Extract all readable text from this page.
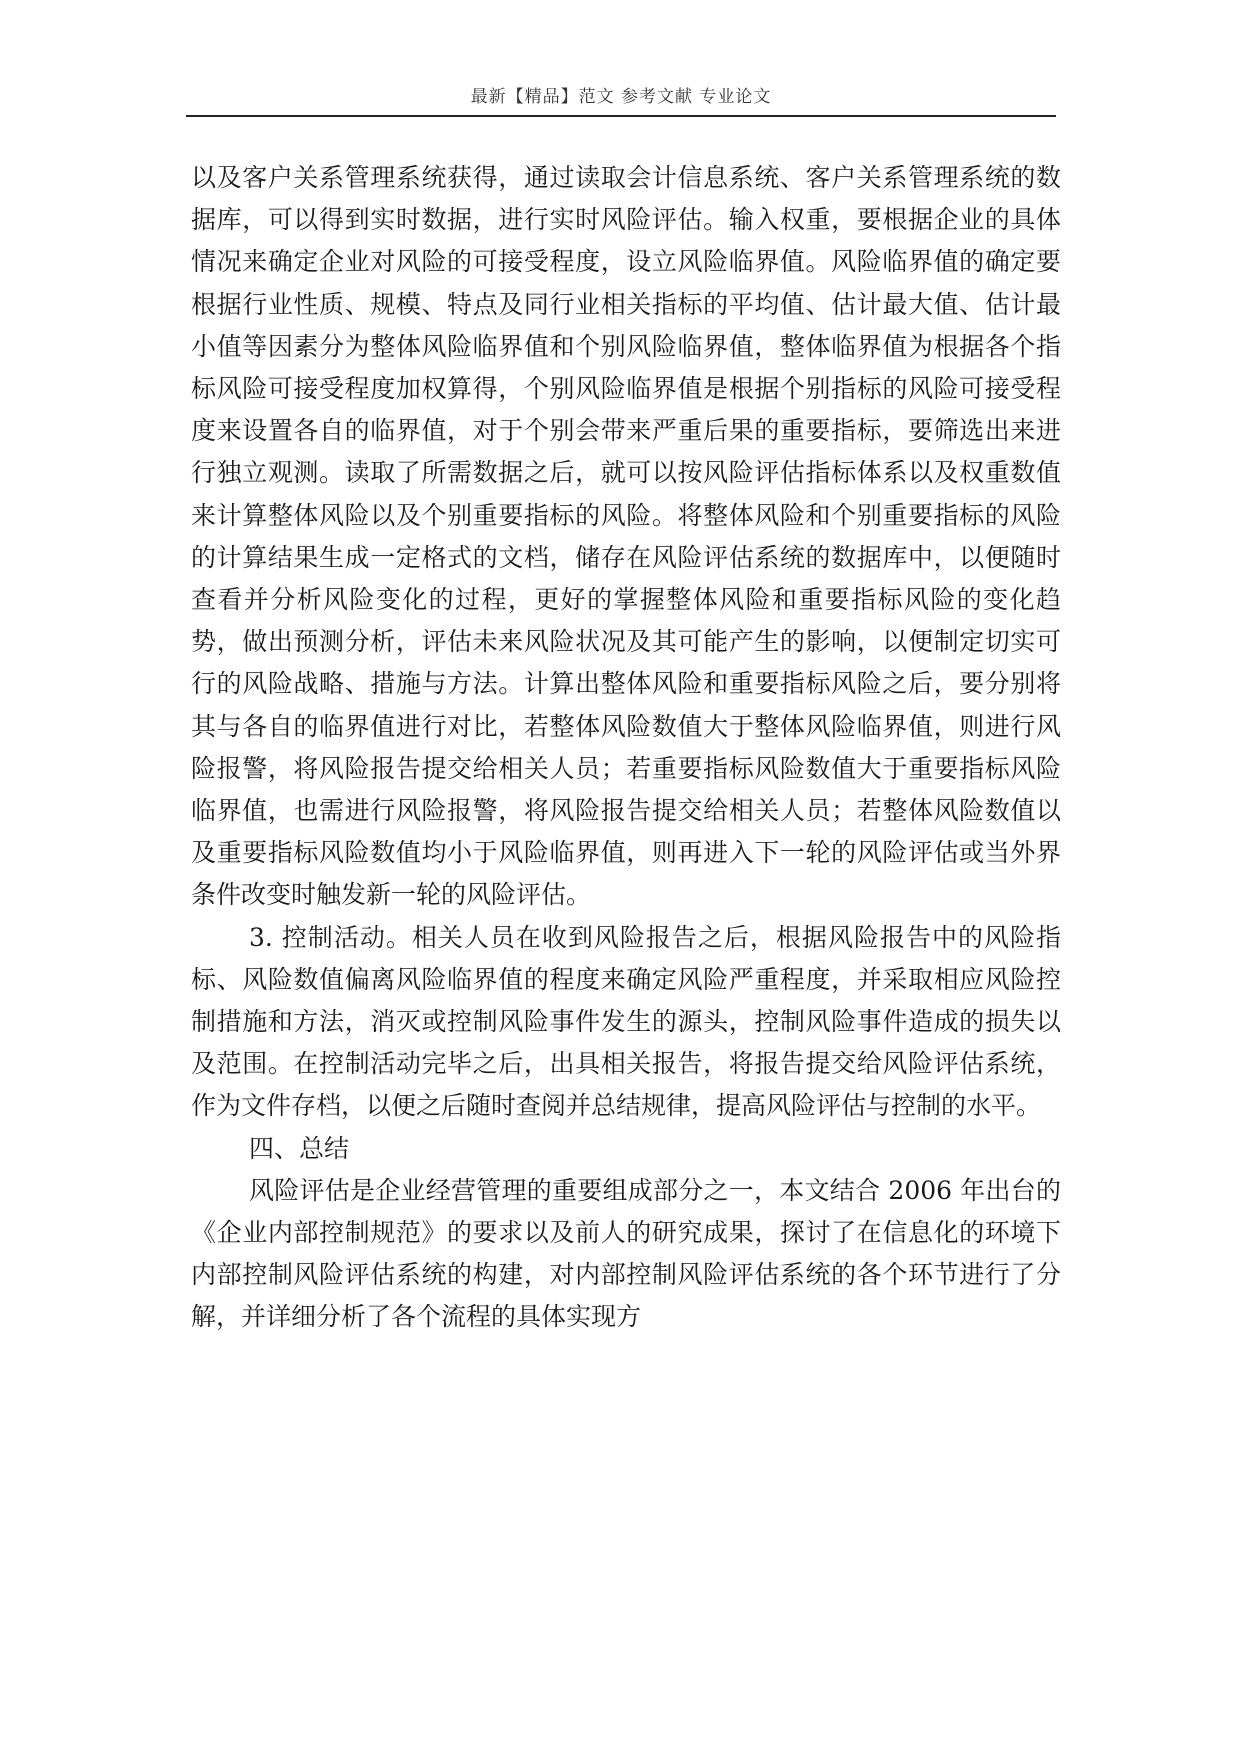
最新【精品】范文 参考文献 专业论文

以及客户关系管理系统获得，通过读取会计信息系统、客户关系管理系统的数据库，可以得到实时数据，进行实时风险评估。输入权重，要根据企业的具体情况来确定企业对风险的可接受程度，设立风险临界值。风险临界值的确定要根据行业性质、规模、特点及同行业相关指标的平均值、估计最大值、估计最小值等因素分为整体风险临界值和个别风险临界值，整体临界值为根据各个指标风险可接受程度加权算得，个别风险临界值是根据个别指标的风险可接受程度来设置各自的临界值，对于个别会带来严重后果的重要指标，要筛选出来进行独立观测。读取了所需数据之后，就可以按风险评估指标体系以及权重数值来计算整体风险以及个别重要指标的风险。将整体风险和个别重要指标的风险的计算结果生成一定格式的文档，储存在风险评估系统的数据库中，以便随时查看并分析风险变化的过程，更好的掌握整体风险和重要指标风险的变化趋势，做出预测分析，评估未来风险状况及其可能产生的影响，以便制定切实可行的风险战略、措施与方法。计算出整体风险和重要指标风险之后，要分别将其与各自的临界值进行对比，若整体风险数值大于整体风险临界值，则进行风险报警，将风险报告提交给相关人员；若重要指标风险数值大于重要指标风险临界值，也需进行风险报警，将风险报告提交给相关人员；若整体风险数值以及重要指标风险数值均小于风险临界值，则再进入下一轮的风险评估或当外界条件改变时触发新一轮的风险评估。

3. 控制活动。相关人员在收到风险报告之后，根据风险报告中的风险指标、风险数值偏离风险临界值的程度来确定风险严重程度，并采取相应风险控制措施和方法，消灭或控制风险事件发生的源头，控制风险事件造成的损失以及范围。在控制活动完毕之后，出具相关报告，将报告提交给风险评估系统，作为文件存档，以便之后随时查阅并总结规律，提高风险评估与控制的水平。

四、总结

风险评估是企业经营管理的重要组成部分之一，本文结合 2006 年出台的《企业内部控制规范》的要求以及前人的研究成果，探讨了在信息化的环境下内部控制风险评估系统的构建，对内部控制风险评估系统的各个环节进行了分解，并详细分析了各个流程的具体实现方
